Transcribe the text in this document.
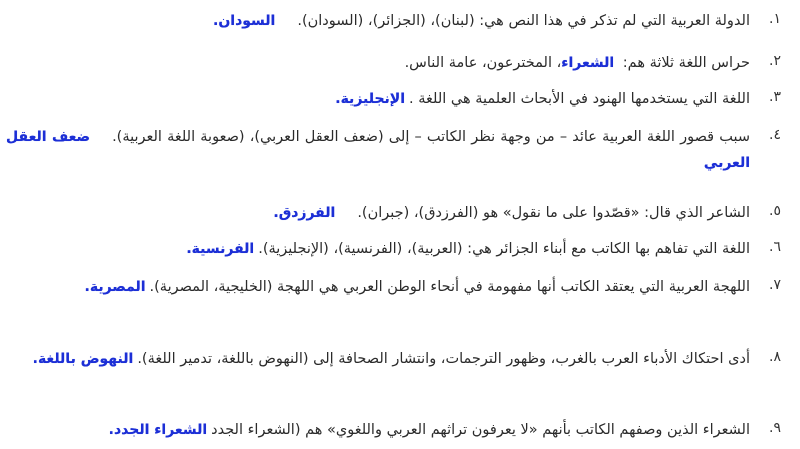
١.
الدولة العربية التي لم تذكر في هذا النص هي: (لبنان)، (الجزائر)، (السودان).السودان.
٢.
حراس اللغة ثلاثة هم: الشعراء، المخترعون، عامة الناس.
٣.
اللغة التي يستخدمها الهنود في الأبحاث العلمية هي اللغة .الإنجليزية.
٤.
سبب قصور اللغة العربية عائد – من وجهة نظر الكاتب – إلى (ضعف العقل العربي)، (صعوبة اللغة العربية).ضعف العقل العربي
٥.
الشاعر الذي قال: «قصّدوا على ما نقول» هو (الفرزدق)، (جبران).الفرزدق.
٦.
اللغة التي تفاهم بها الكاتب مع أبناء الجزائر هي: (العربية)، (الفرنسية)، (الإنجليزية).الفرنسية.
٧.
اللهجة العربية التي يعتقد الكاتب أنها مفهومة في أنحاء الوطن العربي هي اللهجة (الخليجية، المصرية).المصرية.
٨.
أدى احتكاك الأدباء العرب بالغرب، وظهور الترجمات، وانتشار الصحافة إلى (النهوض باللغة، تدمير اللغة).النهوض باللغة.
٩.
الشعراء الذين وصفهم الكاتب بأنهم «لا يعرفون تراثهم العربي واللغوي» هم (الشعراء الجددالشعراء الجدد.
